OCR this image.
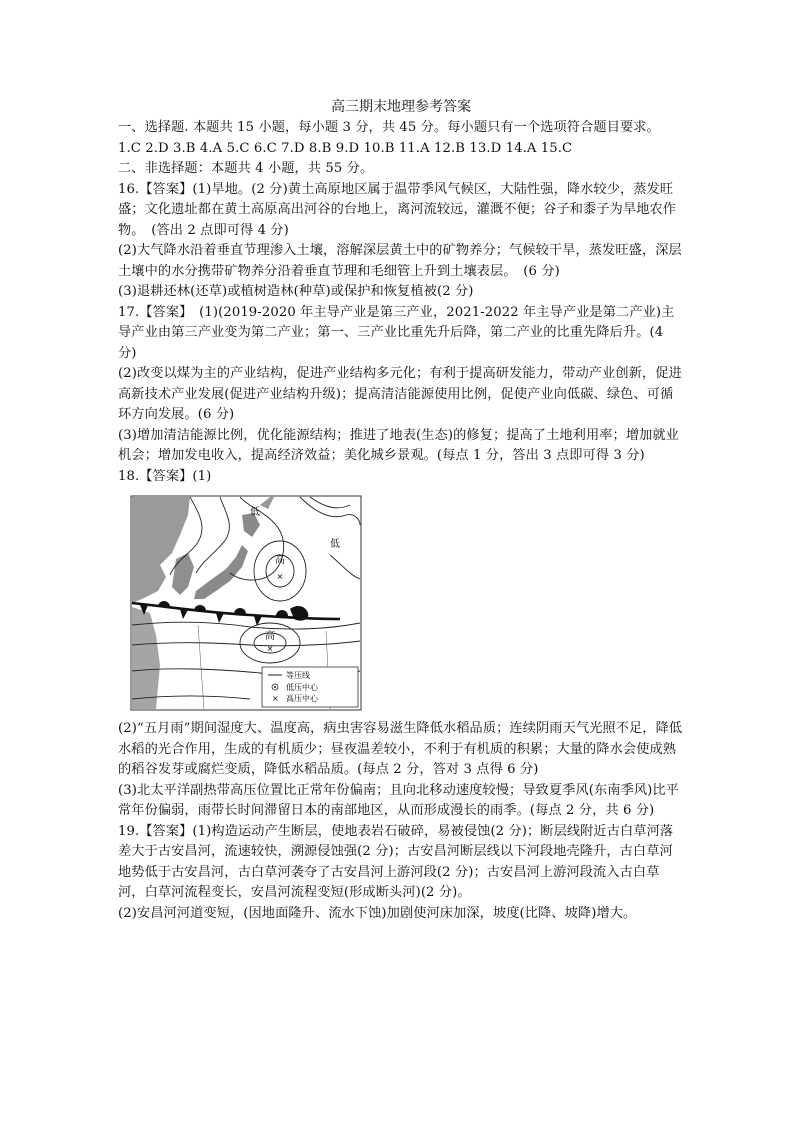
高三期末地理参考答案

一、选择题. 本题共 15 小题，每小题 3 分，共 45 分。每小题只有一个选项符合题目要求。

1.C 2.D 3.B 4.A 5.C 6.C 7.D 8.B 9.D 10.B 11.A 12.B 13.D 14.A 15.C

二、非选择题：本题共 4 小题，共 55 分。

16.【答案】(1)旱地。(2 分)黄土高原地区属于温带季风气候区，大陆性强，降水较少，蒸发旺盛；文化遗址都在黄土高原高出河谷的台地上，离河流较远，灌溉不便；谷子和黍子为旱地农作物。　(答出 2 点即可得 4 分)

(2)大气降水沿着垂直节理渗入土壤，溶解深层黄土中的矿物养分；气候较干旱，蒸发旺盛，深层土壤中的水分携带矿物养分沿着垂直节理和毛细管上升到土壤表层。　(6 分)

(3)退耕还林(还草)或植树造林(种草)或保护和恢复植被(2 分)

17.【答案】　(1)(2019-2020 年主导产业是第三产业，2021-2022 年主导产业是第二产业)主导产业由第三产业变为第二产业；第一、三产业比重先升后降，第二产业的比重先降后升。(4 分)

(2)改变以煤为主的产业结构，促进产业结构多元化；有利于提高研发能力，带动产业创新，促进高新技术产业发展(促进产业结构升级)；提高清洁能源使用比例，促使产业向低碳、绿色、可循环方向发展。(6 分)

(3)增加清洁能源比例，优化能源结构；推进了地表(生态)的修复；提高了土地利用率；增加就业机会；增加发电收入，提高经济效益；美化城乡景观。(每点 1 分，答出 3 点即可得 3 分)

18.【答案】(1)

高
×
高
×
低
低
等压线
低压中心
× 高压中心

(2)“五月雨”期间湿度大、温度高，病虫害容易滋生降低水稻品质；连续阴雨天气光照不足，降低水稻的光合作用，生成的有机质少；昼夜温差较小，不利于有机质的积累；大量的降水会使成熟的稻谷发芽或腐烂变质，降低水稻品质。(每点 2 分，答对 3 点得 6 分)

(3)北太平洋副热带高压位置比正常年份偏南；且向北移动速度较慢；导致夏季风(东南季风)比平常年份偏弱，雨带长时间滞留日本的南部地区，从而形成漫长的雨季。(每点 2 分，共 6 分)

19.【答案】(1)构造运动产生断层，使地表岩石破碎，易被侵蚀(2 分)；断层线附近古白草河落差大于古安昌河，流速较快，溯源侵蚀强(2 分)；古安昌河断层线以下河段地壳隆升，古白草河地势低于古安昌河，古白草河袭夺了古安昌河上游河段(2 分)；古安昌河上游河段流入古白草河，白草河流程变长，安昌河流程变短(形成断头河)(2 分)。

(2)安昌河河道变短，(因地面隆升、流水下蚀)加剧使河床加深，坡度(比降、坡降)增大。
